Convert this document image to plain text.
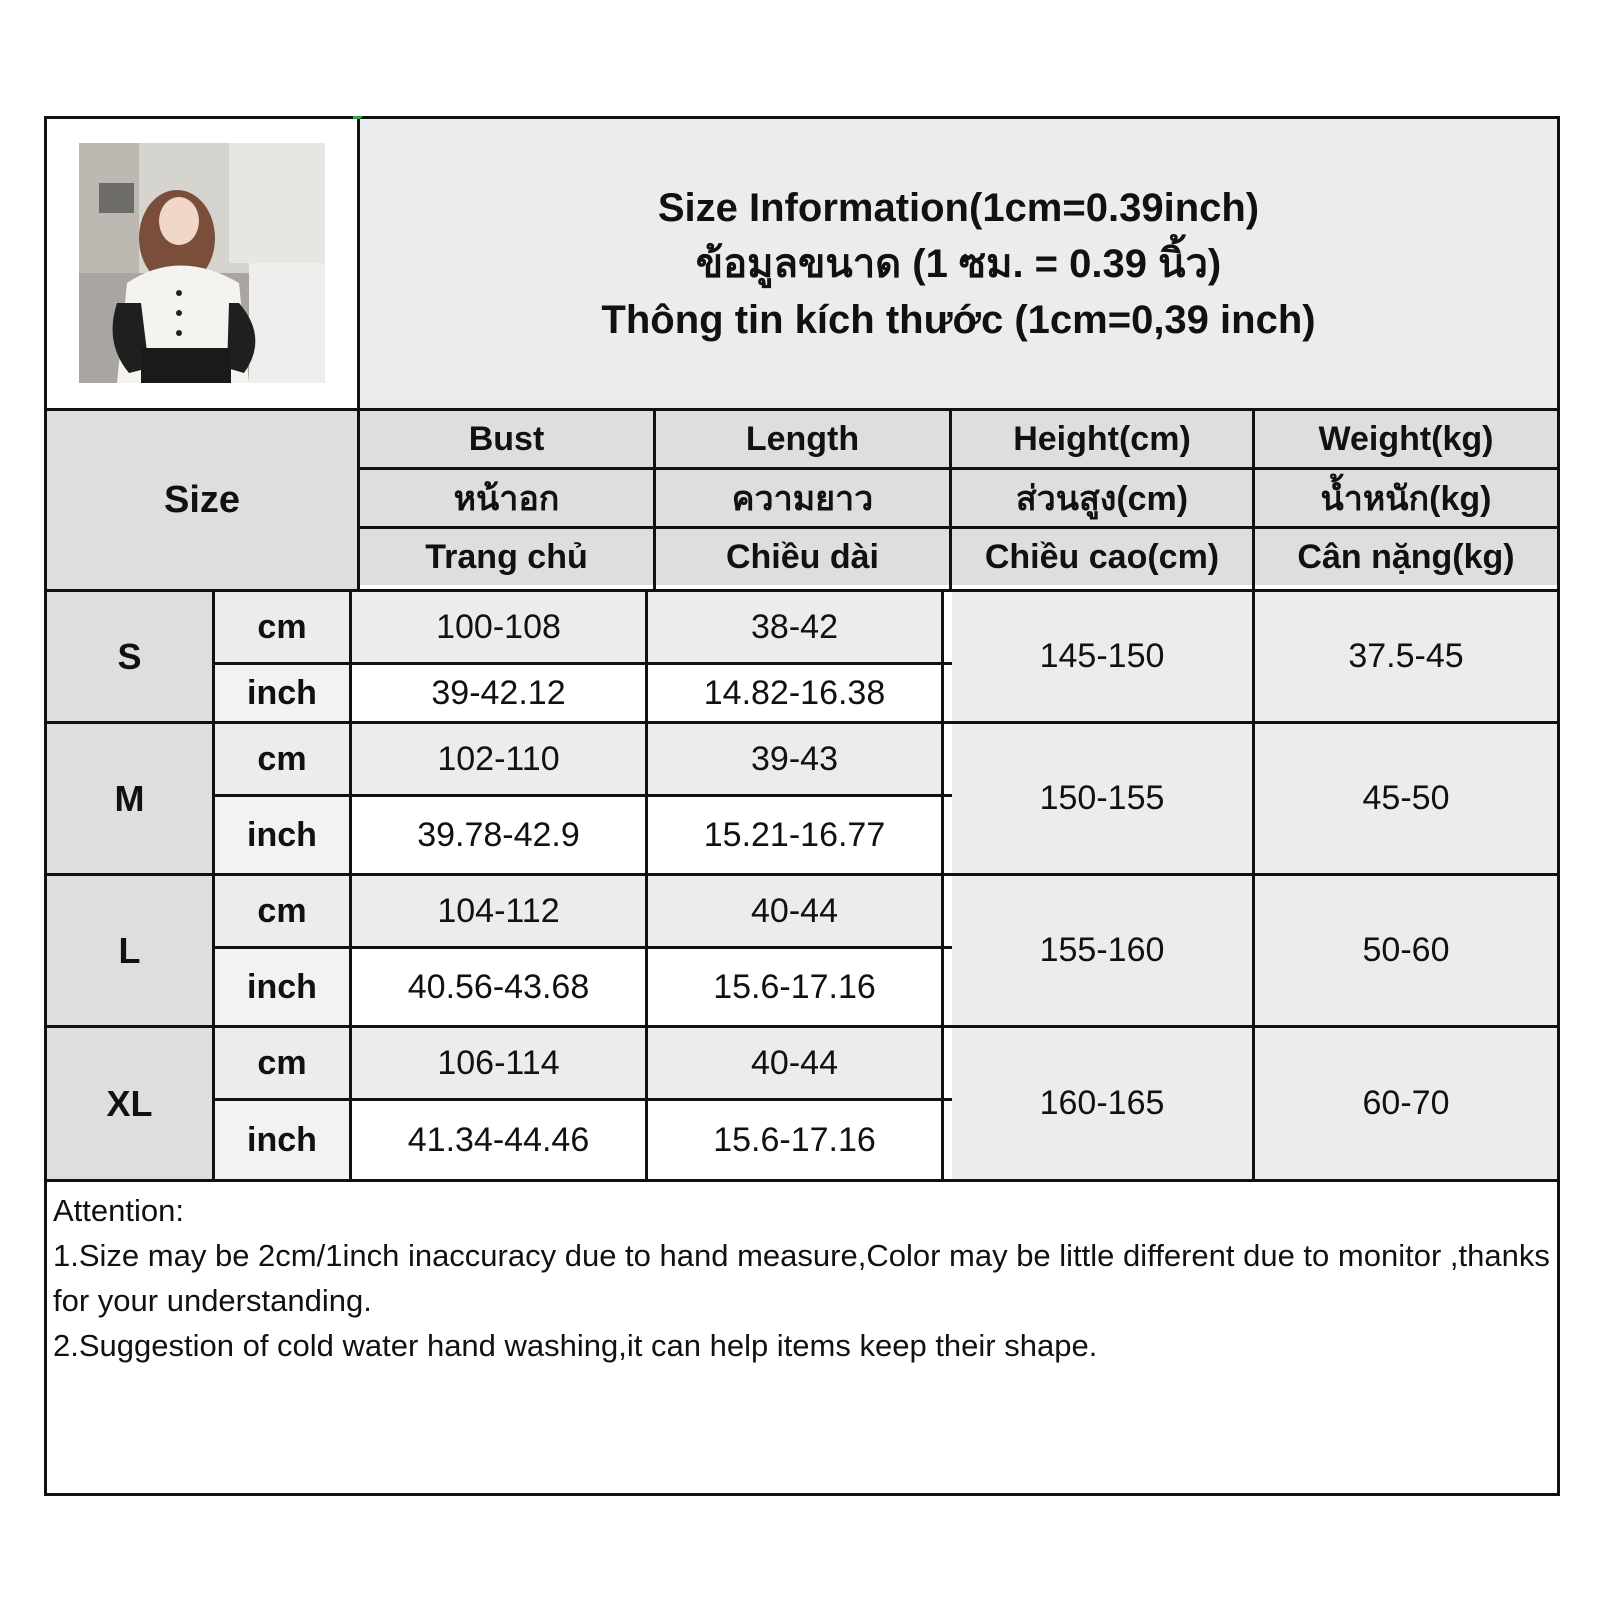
Size Information(1cm=0.39inch)
ข้อมูลขนาด (1 ซม. = 0.39 นิ้ว)
Thông tin kích thước (1cm=0,39 inch)
Size
Bust
หน้าอก
Trang chủ
Length
ความยาว
Chiều dài
Height(cm)
ส่วนสูง(cm)
Chiều cao(cm)
Weight(kg)
น้ำหนัก(kg)
Cân nặng(kg)
S
cm	100-108	38-42
inch	39-42.12	14.82-16.38
145-150	37.5-45
M
cm	102-110	39-43
inch	39.78-42.9	15.21-16.77
150-155	45-50
L
cm	104-112	40-44
inch	40.56-43.68	15.6-17.16
155-160	50-60
XL
cm	106-114	40-44
inch	41.34-44.46	15.6-17.16
160-165	60-70
Attention:
1.Size may be 2cm/1inch inaccuracy due to hand measure,Color may be little different due to monitor ,thanks for your understanding.
2.Suggestion of cold water hand washing,it can help items keep their shape.
